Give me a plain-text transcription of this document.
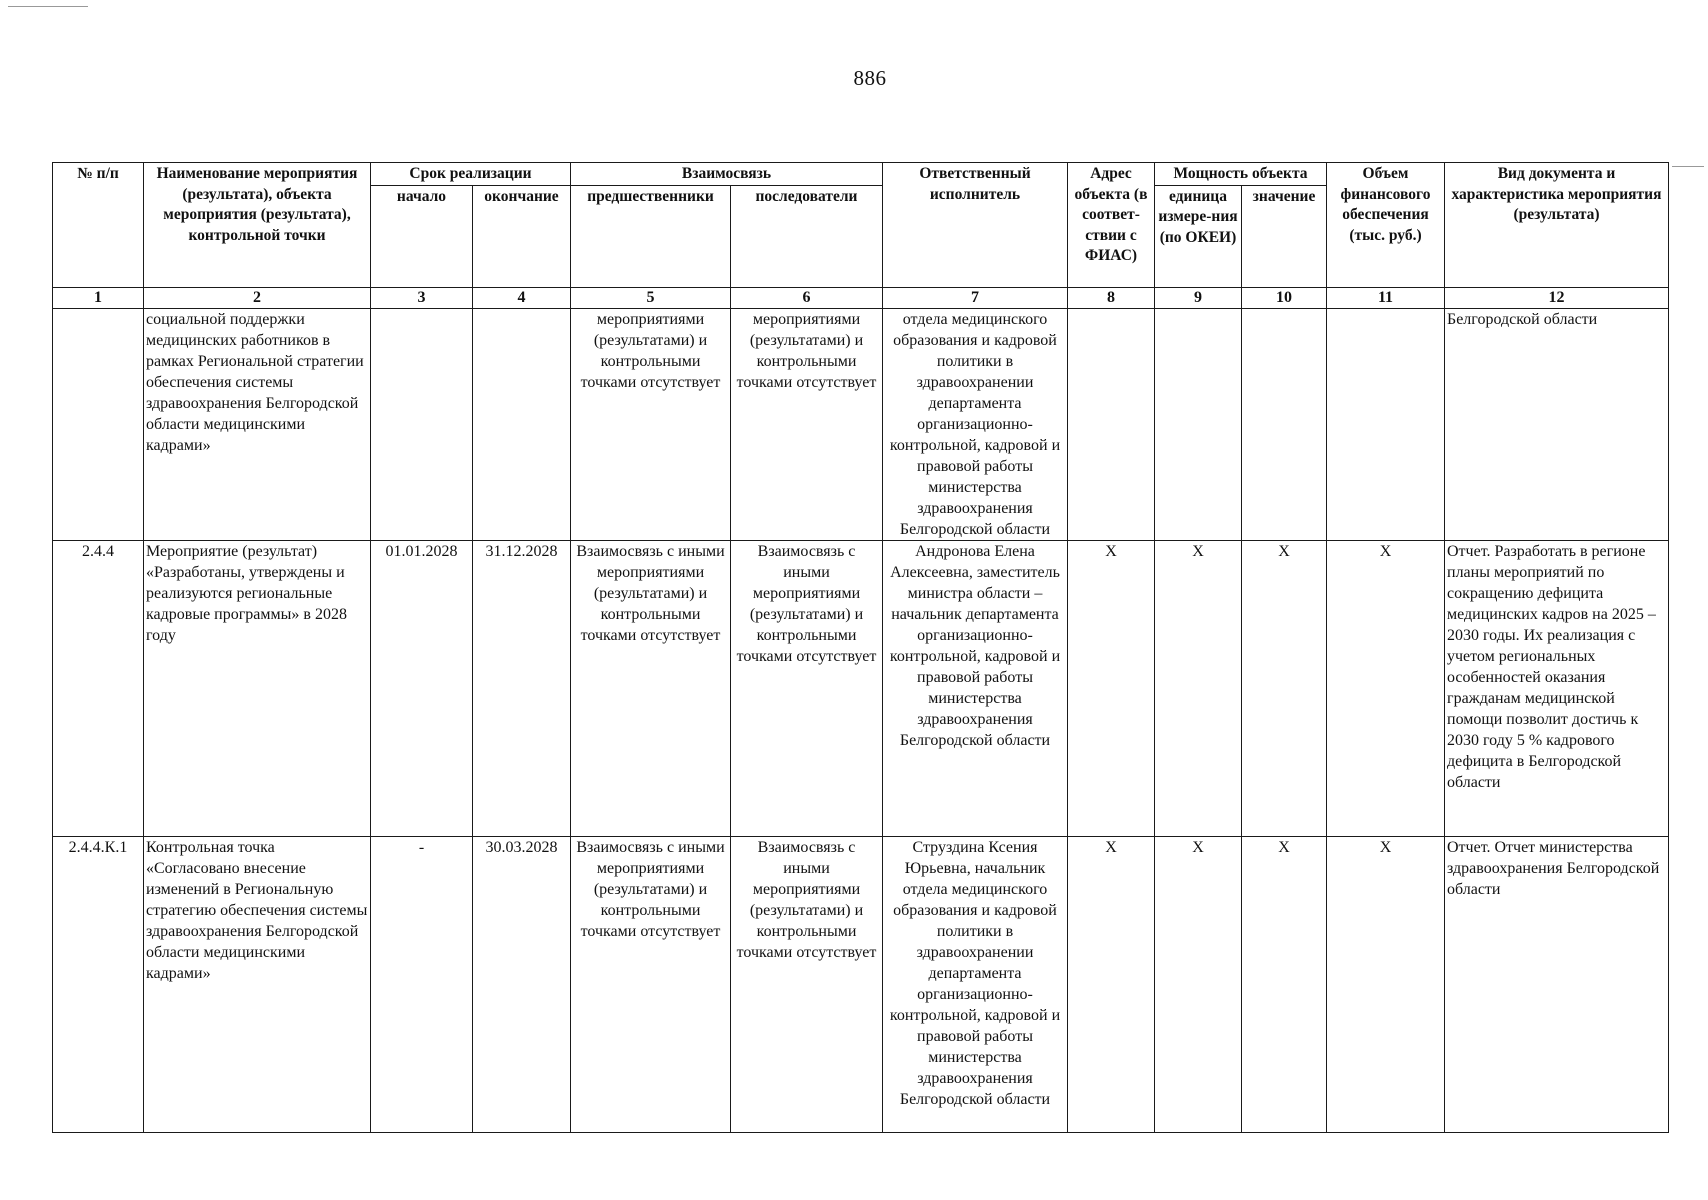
886
№ п/п	Наименование мероприятия (результата), объекта мероприятия (результата), контрольной точки	Срок реализации		Взаимосвязь		Ответственный исполнитель	Адрес объекта (в соответ-ствии с ФИАС)	Мощность объекта		Объем финансового обеспечения (тыс. руб.)	Вид документа и характеристика мероприятия (результата)
		начало	окончание	предшественники	последователи			единица измере-ния (по ОКЕИ)	значение		
1	2	3	4	5	6	7	8	9	10	11	12
	социальной поддержки медицинских работников в рамках Региональной стратегии обеспечения системы здравоохранения Белгородской области медицинскими кадрами»			мероприятиями (результатами) и контрольными точками отсутствует	мероприятиями (результатами) и контрольными точками отсутствует	отдела медицинского образования и кадровой политики в здравоохранении департамента организационно-контрольной, кадровой и правовой работы министерства здравоохранения Белгородской области					Белгородской области
2.4.4	Мероприятие (результат) «Разработаны, утверждены и реализуются региональные кадровые программы» в 2028 году	01.01.2028	31.12.2028	Взаимосвязь с иными мероприятиями (результатами) и контрольными точками отсутствует	Взаимосвязь с иными мероприятиями (результатами) и контрольными точками отсутствует	Андронова Елена Алексеевна, заместитель министра области – начальник департамента организационно-контрольной, кадровой и правовой работы министерства здравоохранения Белгородской области	X	X	X	X	Отчет. Разработать в регионе планы мероприятий по сокращению дефицита медицинских кадров на 2025 – 2030 годы. Их реализация с учетом региональных особенностей оказания гражданам медицинской помощи позволит достичь к 2030 году 5 % кадрового дефицита в Белгородской области
2.4.4.К.1	Контрольная точка «Согласовано внесение изменений в Региональную стратегию обеспечения системы здравоохранения Белгородской области медицинскими кадрами»	-	30.03.2028	Взаимосвязь с иными мероприятиями (результатами) и контрольными точками отсутствует	Взаимосвязь с иными мероприятиями (результатами) и контрольными точками отсутствует	Струздина Ксения Юрьевна, начальник отдела медицинского образования и кадровой политики в здравоохранении департамента организационно-контрольной, кадровой и правовой работы министерства здравоохранения Белгородской области	X	X	X	X	Отчет. Отчет министерства здравоохранения Белгородской области
